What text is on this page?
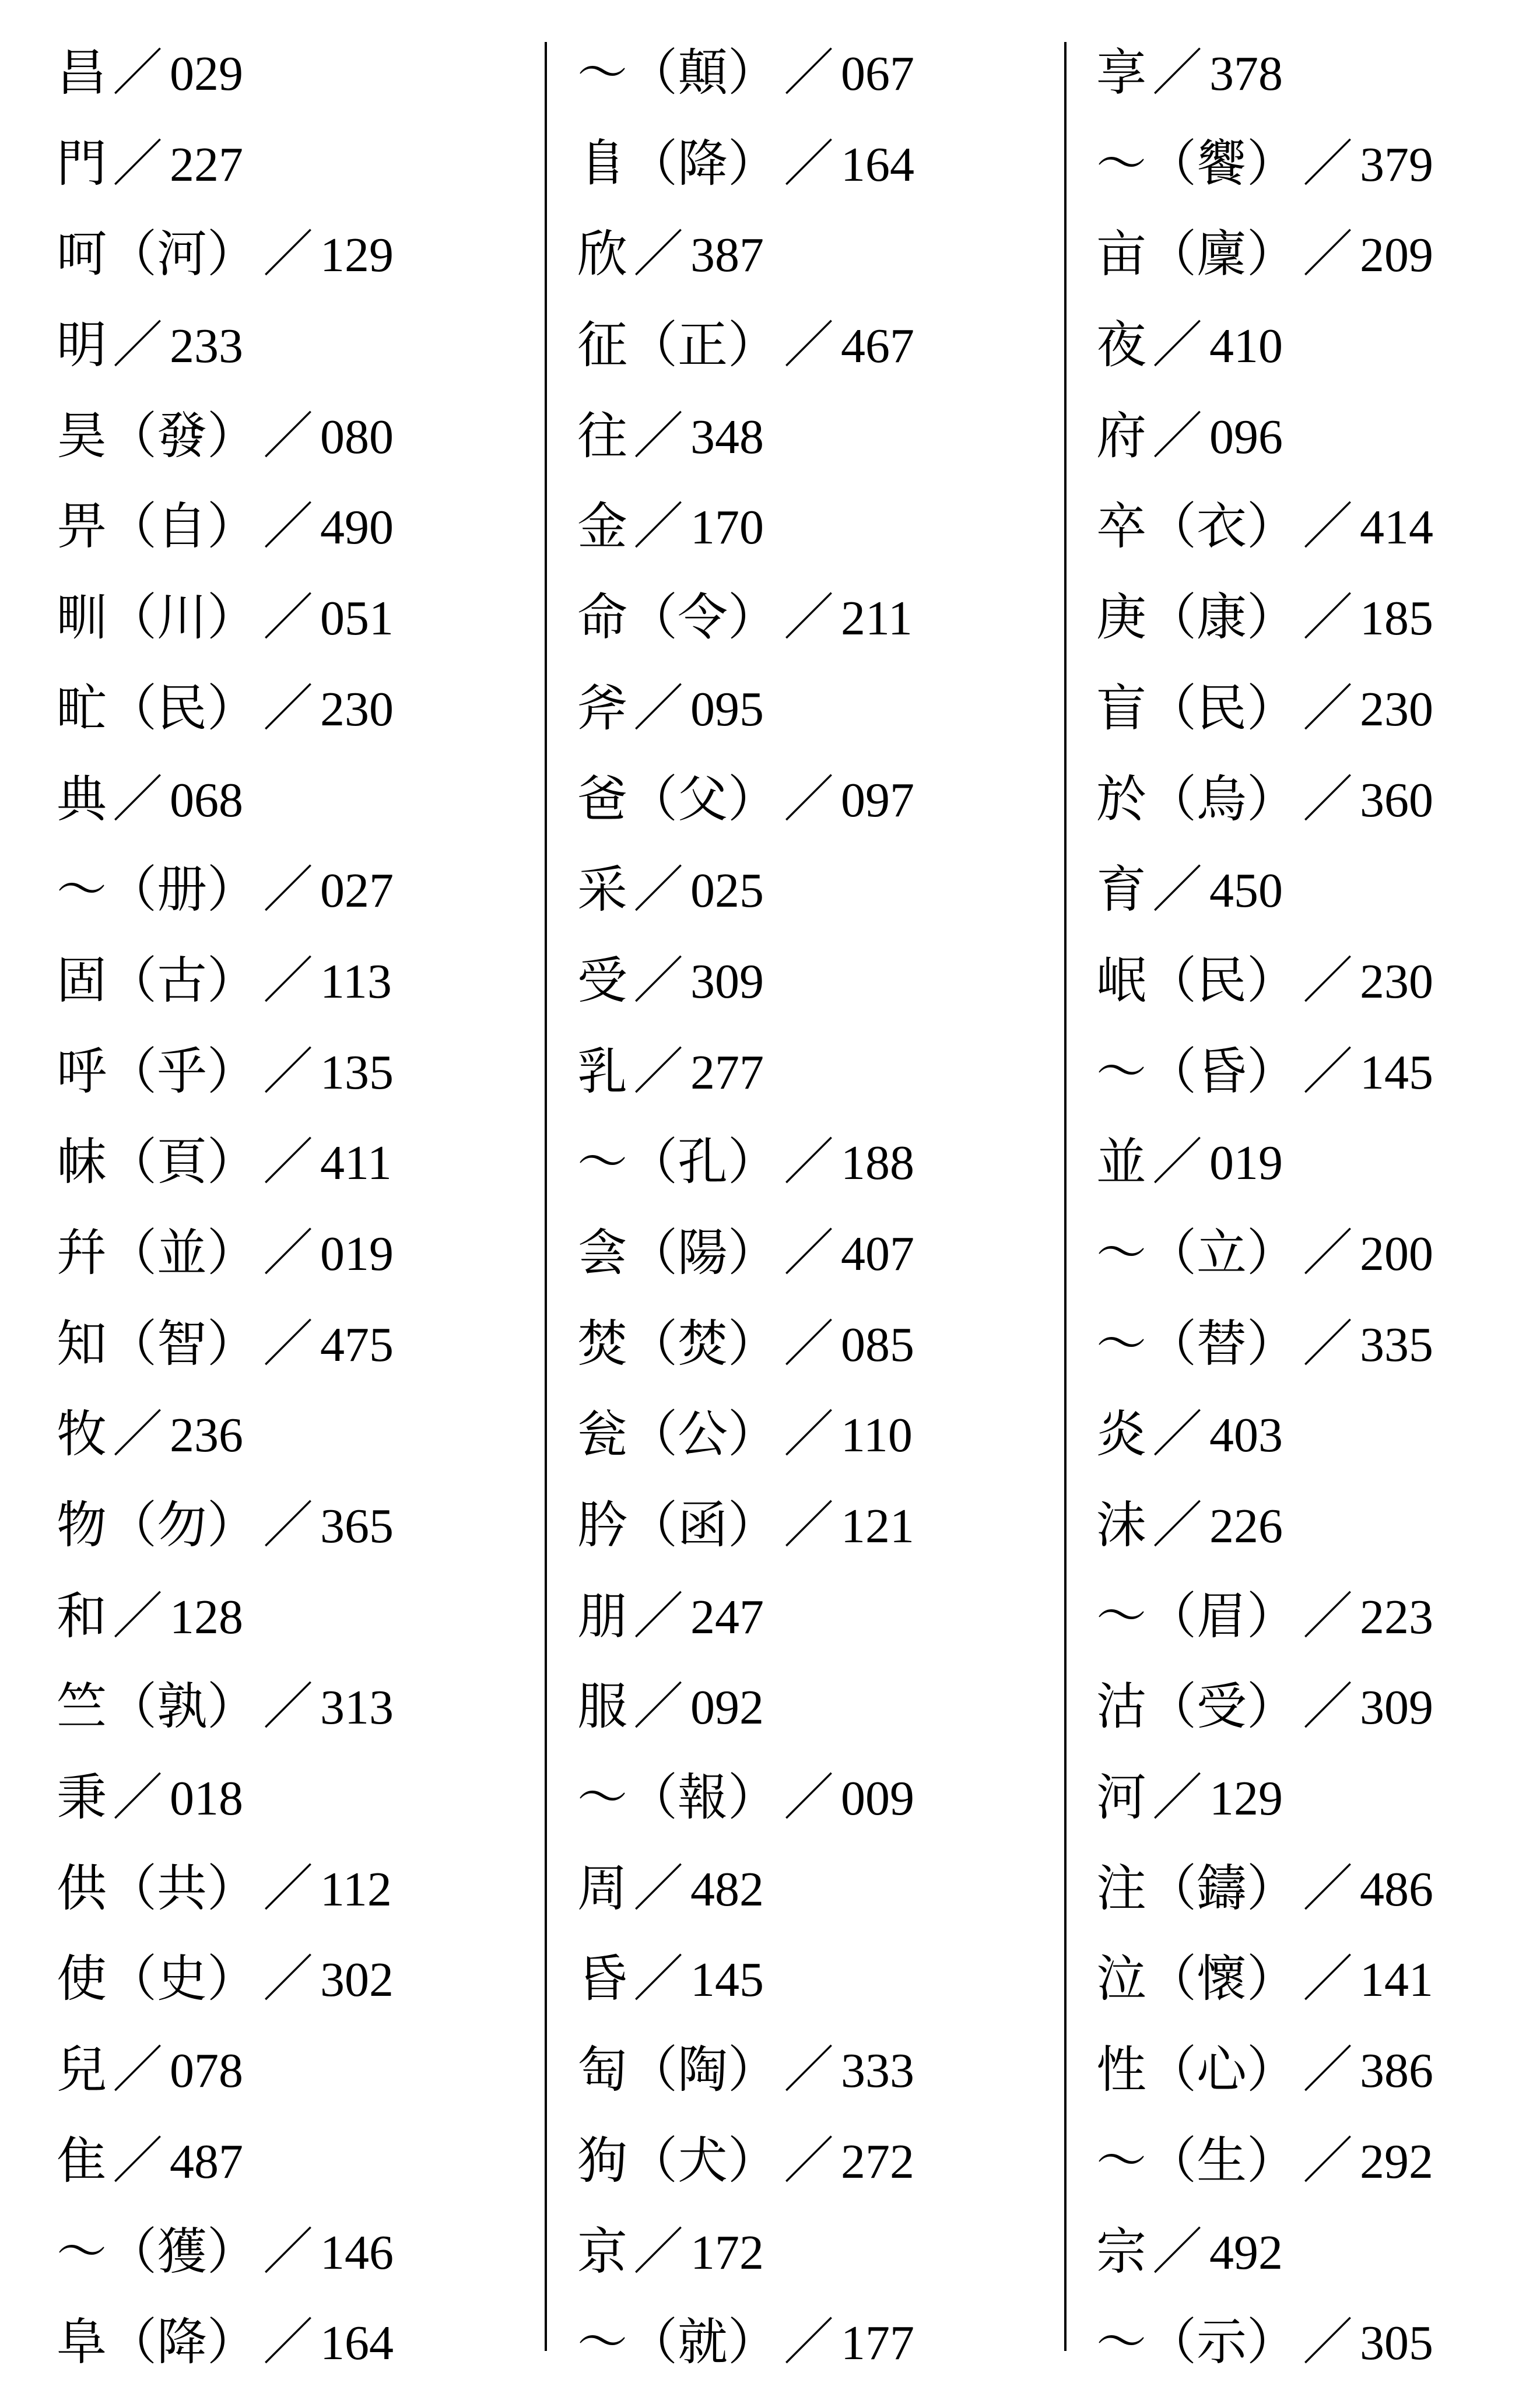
昌 ／ 029
門 ／ 227
呵 （河） ／ 129
明 ／ 233
昊 （發） ／ 080
畀 （自） ／ 490
甽 （川） ／ 051
甿 （民） ／ 230
典 ／ 068
～ （册） ／ 027
固 （古） ／ 113
呼 （乎） ／ 135
帓 （頁） ／ 411
幷 （並） ／ 019
知 （智） ／ 475
牧 ／ 236
物 （勿） ／ 365
和 ／ 128
竺 （孰） ／ 313
秉 ／ 018
供 （共） ／ 112
使 （史） ／ 302
兒 ／ 078
隹 ／ 487
～ （獲） ／ 146
阜 （降） ／ 164
～ （顛） ／ 067
𨸏 （降） ／ 164
欣 ／ 387
征 （正） ／ 467
往 ／ 348
金 ／ 170
命 （令） ／ 211
斧 ／ 095
爸 （父） ／ 097
采 ／ 025
受 ／ 309
乳 ／ 277
～ （孔） ／ 188
侌 （陽） ／ 407
焚 （焚） ／ 085
瓮 （公） ／ 110
肣 （函） ／ 121
朋 ／ 247
服 ／ 092
～ （報） ／ 009
周 ／ 482
昏 ／ 145
匋 （陶） ／ 333
狗 （犬） ／ 272
京 ／ 172
～ （就） ／ 177
享 ／ 378
～ （饗） ／ 379
亩 （廩） ／ 209
夜 ／ 410
府 ／ 096
卒 （衣） ／ 414
庚 （康） ／ 185
盲 （民） ／ 230
於 （烏） ／ 360
育 ／ 450
岷 （民） ／ 230
～ （昏） ／ 145
並 ／ 019
～ （立） ／ 200
～ （替） ／ 335
炎 ／ 403
沬 ／ 226
～ （眉） ／ 223
沽 （受） ／ 309
河 ／ 129
注 （鑄） ／ 486
泣 （懷） ／ 141
性 （心） ／ 386
～ （生） ／ 292
宗 ／ 492
～ （示） ／ 305
